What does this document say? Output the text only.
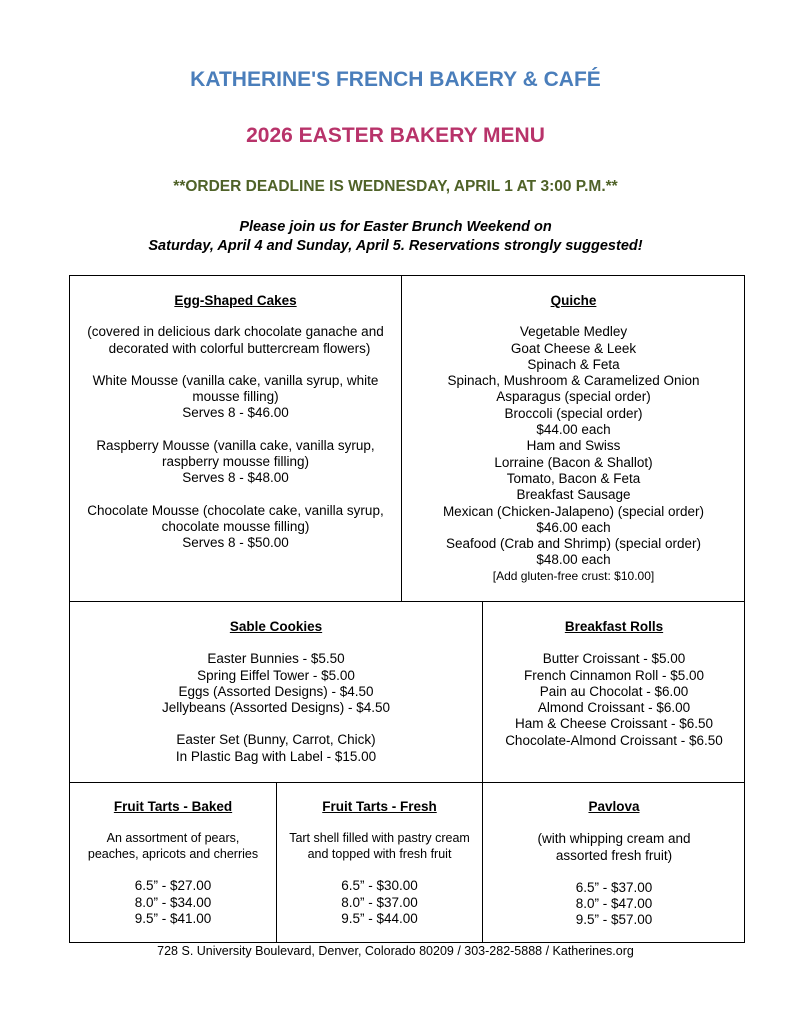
KATHERINE'S FRENCH BAKERY & CAFÉ
2026 EASTER BAKERY MENU
**ORDER DEADLINE IS WEDNESDAY, APRIL 1 AT 3:00 P.M.**
Please join us for Easter Brunch Weekend on
Saturday, April 4 and Sunday, April 5. Reservations strongly suggested!
Egg-Shaped Cakes
(covered in delicious dark chocolate ganache and
decorated with colorful buttercream flowers)
White Mousse (vanilla cake, vanilla syrup, white
mousse filling)
Serves 8 - $46.00
Raspberry Mousse (vanilla cake, vanilla syrup,
raspberry mousse filling)
Serves 8 - $48.00
Chocolate Mousse (chocolate cake, vanilla syrup,
chocolate mousse filling)
Serves 8 - $50.00
Quiche
Vegetable Medley
Goat Cheese & Leek
Spinach & Feta
Spinach, Mushroom & Caramelized Onion
Asparagus (special order)
Broccoli (special order)
$44.00 each
Ham and Swiss
Lorraine (Bacon & Shallot)
Tomato, Bacon & Feta
Breakfast Sausage
Mexican (Chicken-Jalapeno) (special order)
$46.00 each
Seafood (Crab and Shrimp) (special order)
$48.00 each
[Add gluten-free crust: $10.00]
Sable Cookies
Easter Bunnies - $5.50
Spring Eiffel Tower - $5.00
Eggs (Assorted Designs) - $4.50
Jellybeans (Assorted Designs) - $4.50
Easter Set (Bunny, Carrot, Chick)
In Plastic Bag with Label - $15.00
Breakfast Rolls
Butter Croissant - $5.00
French Cinnamon Roll - $5.00
Pain au Chocolat - $6.00
Almond Croissant - $6.00
Ham & Cheese Croissant - $6.50
Chocolate-Almond Croissant - $6.50
Fruit Tarts - Baked
An assortment of pears,
peaches, apricots and cherries
6.5” - $27.00
8.0” - $34.00
9.5” - $41.00
Fruit Tarts - Fresh
Tart shell filled with pastry cream
and topped with fresh fruit
6.5” - $30.00
8.0” - $37.00
9.5” - $44.00
Pavlova
(with whipping cream and
assorted fresh fruit)
6.5” - $37.00
8.0” - $47.00
9.5” - $57.00
728 S. University Boulevard, Denver, Colorado 80209 / 303-282-5888 / Katherines.org
